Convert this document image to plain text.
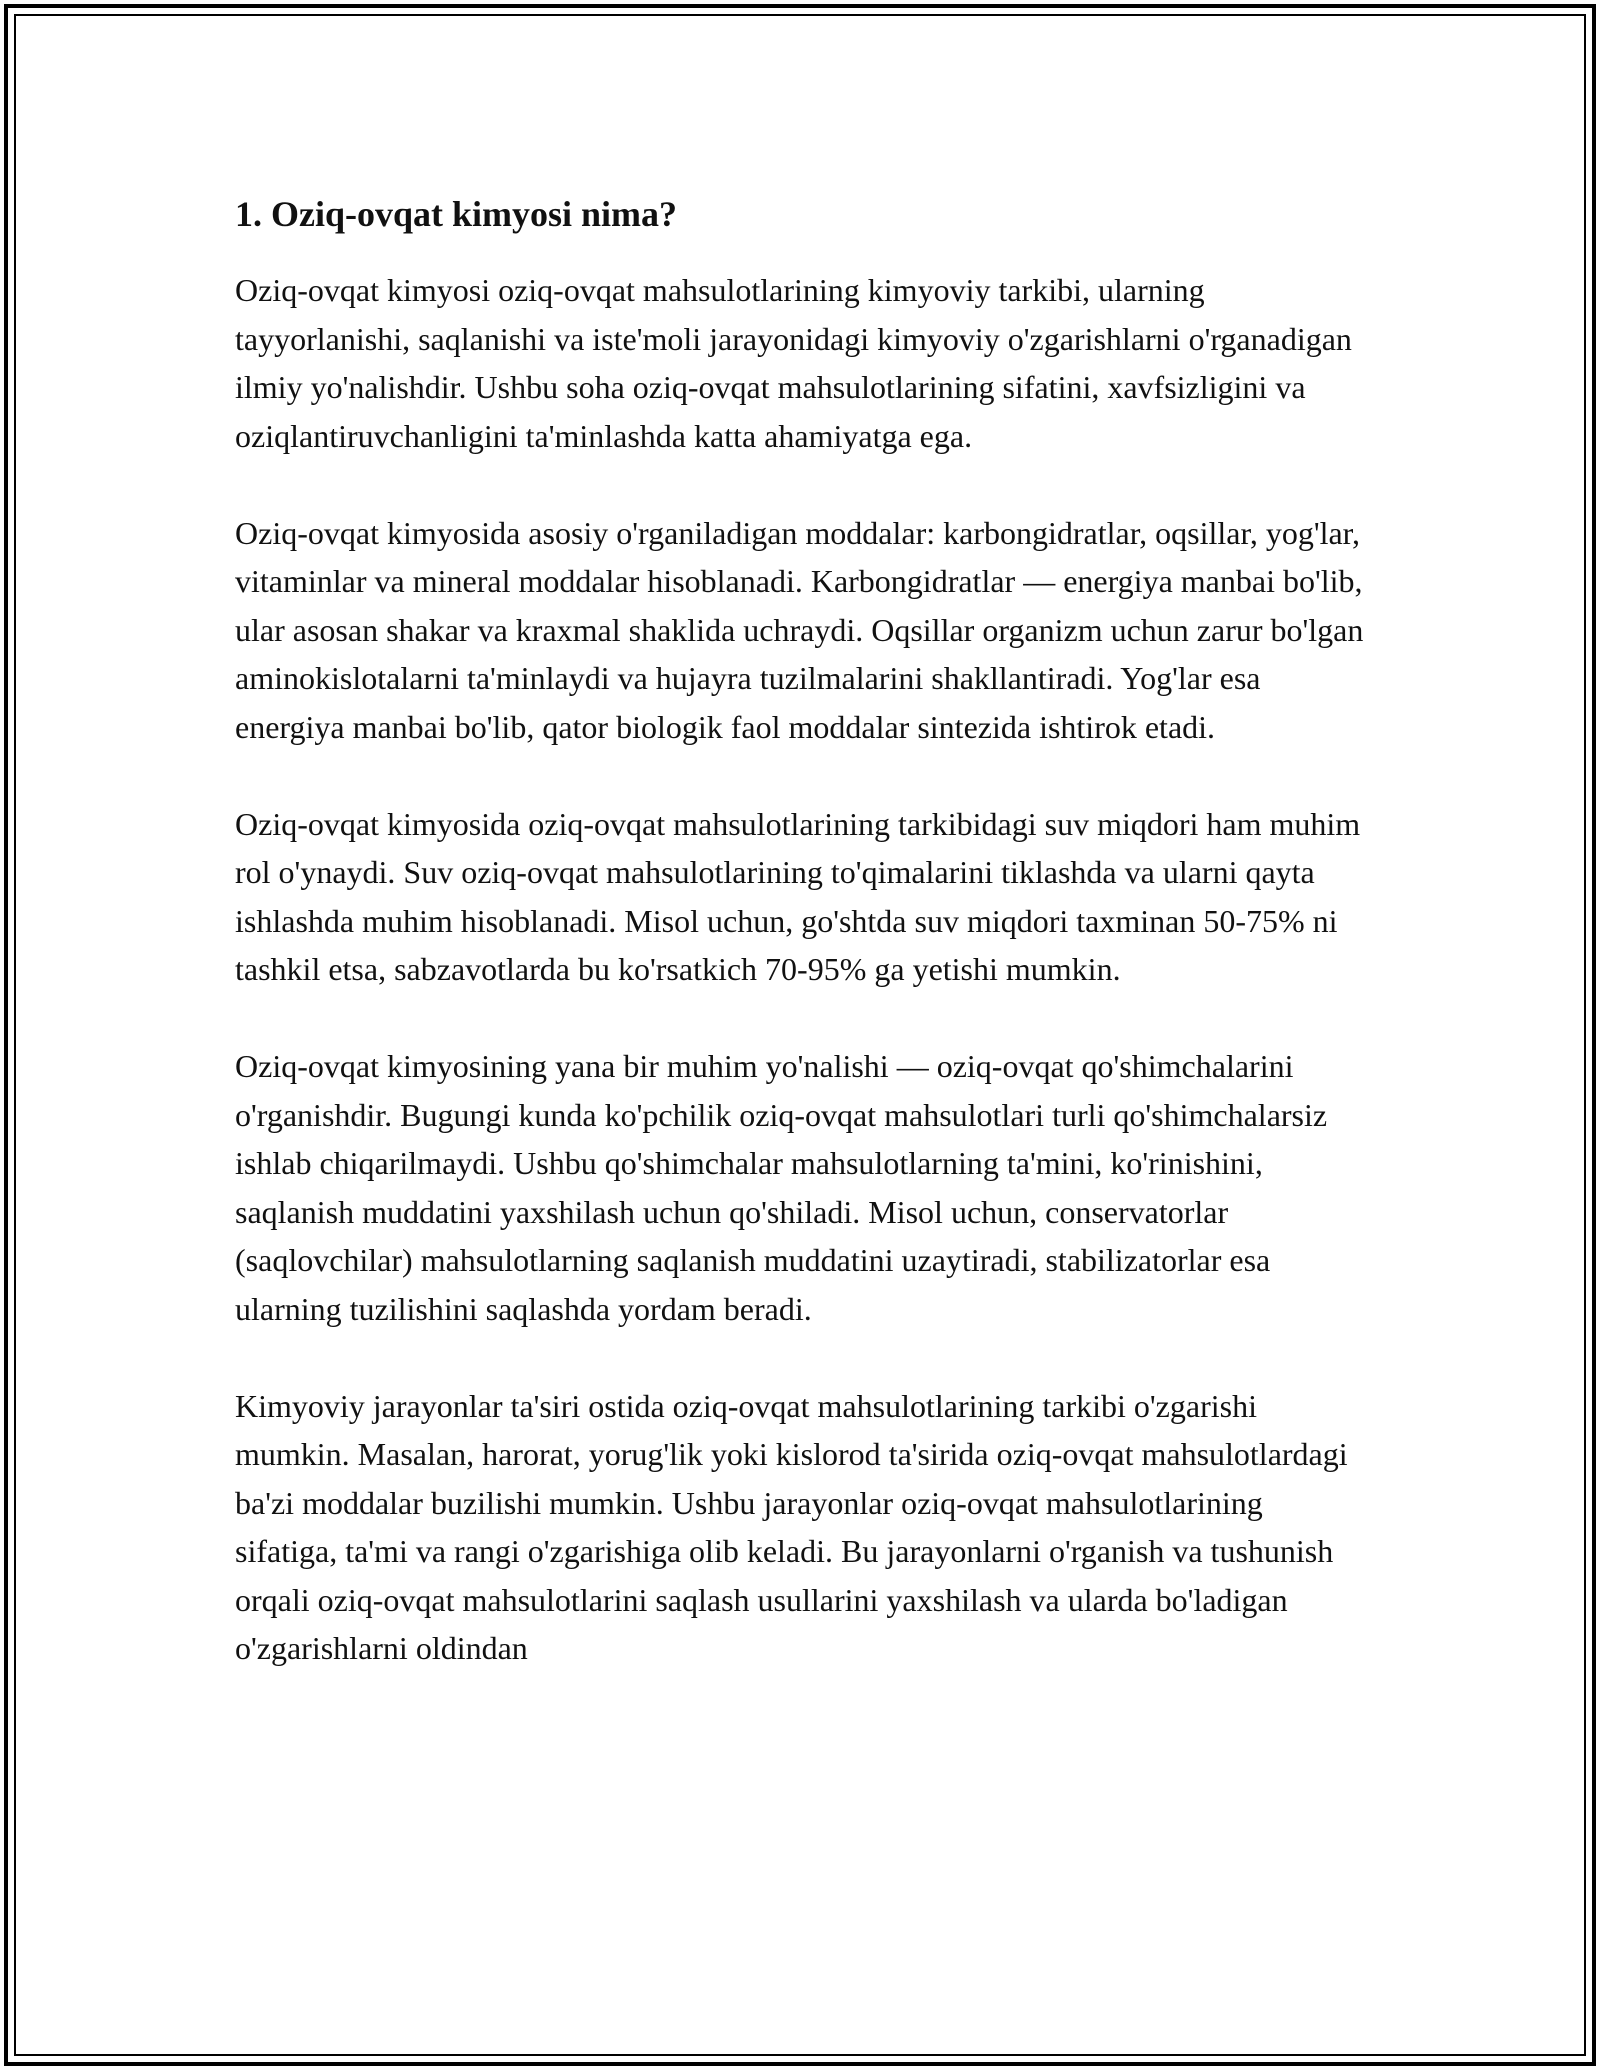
1. Oziq-ovqat kimyosi nima?

Oziq-ovqat kimyosi oziq-ovqat mahsulotlarining kimyoviy tarkibi, ularning tayyorlanishi, saqlanishi va iste'moli jarayonidagi kimyoviy o'zgarishlarni o'rganadigan ilmiy yo'nalishdir. Ushbu soha oziq-ovqat mahsulotlarining sifatini, xavfsizligini va oziqlantiruvchanligini ta'minlashda katta ahamiyatga ega.

Oziq-ovqat kimyosida asosiy o'rganiladigan moddalar: karbongidratlar, oqsillar, yog'lar, vitaminlar va mineral moddalar hisoblanadi. Karbongidratlar — energiya manbai bo'lib, ular asosan shakar va kraxmal shaklida uchraydi. Oqsillar organizm uchun zarur bo'lgan aminokislotalarni ta'minlaydi va hujayra tuzilmalarini shakllantiradi. Yog'lar esa energiya manbai bo'lib, qator biologik faol moddalar sintezida ishtirok etadi.

Oziq-ovqat kimyosida oziq-ovqat mahsulotlarining tarkibidagi suv miqdori ham muhim rol o'ynaydi. Suv oziq-ovqat mahsulotlarining to'qimalarini tiklashda va ularni qayta ishlashda muhim hisoblanadi. Misol uchun, go'shtda suv miqdori taxminan 50-75% ni tashkil etsa, sabzavotlarda bu ko'rsatkich 70-95% ga yetishi mumkin.

Oziq-ovqat kimyosining yana bir muhim yo'nalishi — oziq-ovqat qo'shimchalarini o'rganishdir. Bugungi kunda ko'pchilik oziq-ovqat mahsulotlari turli qo'shimchalarsiz ishlab chiqarilmaydi. Ushbu qo'shimchalar mahsulotlarning ta'mini, ko'rinishini, saqlanish muddatini yaxshilash uchun qo'shiladi. Misol uchun, conservatorlar (saqlovchilar) mahsulotlarning saqlanish muddatini uzaytiradi, stabilizatorlar esa ularning tuzilishini saqlashda yordam beradi.

Kimyoviy jarayonlar ta'siri ostida oziq-ovqat mahsulotlarining tarkibi o'zgarishi mumkin. Masalan, harorat, yorug'lik yoki kislorod ta'sirida oziq-ovqat mahsulotlardagi ba'zi moddalar buzilishi mumkin. Ushbu jarayonlar oziq-ovqat mahsulotlarining sifatiga, ta'mi va rangi o'zgarishiga olib keladi. Bu jarayonlarni o'rganish va tushunish orqali oziq-ovqat mahsulotlarini saqlash usullarini yaxshilash va ularda bo'ladigan o'zgarishlarni oldindan
